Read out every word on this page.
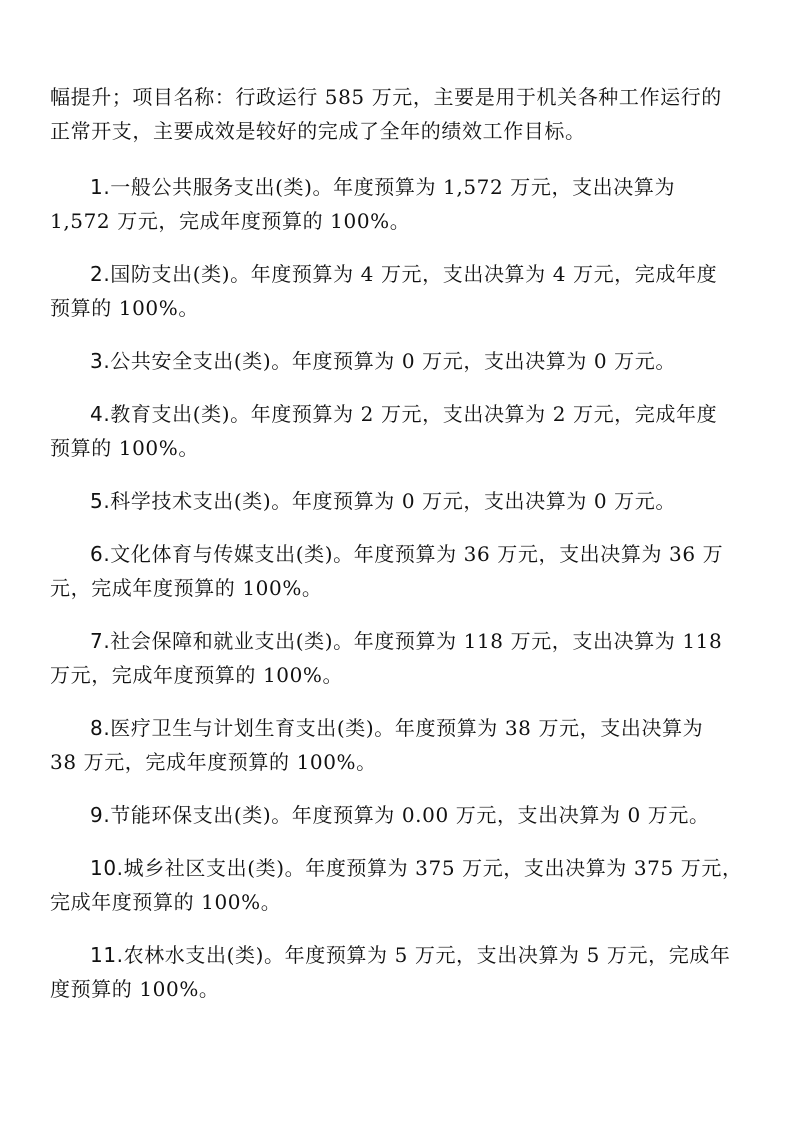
幅提升；项目名称：行政运行 585 万元，主要是用于机关各种工作运行的
正常开支，主要成效是较好的完成了全年的绩效工作目标。

1.一般公共服务支出(类)。年度预算为 1,572 万元，支出决算为
1,572 万元，完成年度预算的 100%。

2.国防支出(类)。年度预算为 4 万元，支出决算为 4 万元，完成年度
预算的 100%。

3.公共安全支出(类)。年度预算为 0 万元，支出决算为 0 万元。

4.教育支出(类)。年度预算为 2 万元，支出决算为 2 万元，完成年度
预算的 100%。

5.科学技术支出(类)。年度预算为 0 万元，支出决算为 0 万元。

6.文化体育与传媒支出(类)。年度预算为 36 万元，支出决算为 36 万
元，完成年度预算的 100%。

7.社会保障和就业支出(类)。年度预算为 118 万元，支出决算为 118
万元，完成年度预算的 100%。

8.医疗卫生与计划生育支出(类)。年度预算为 38 万元，支出决算为
38 万元，完成年度预算的 100%。

9.节能环保支出(类)。年度预算为 0.00 万元，支出决算为 0 万元。

10.城乡社区支出(类)。年度预算为 375 万元，支出决算为 375 万元，
完成年度预算的 100%。

11.农林水支出(类)。年度预算为 5 万元，支出决算为 5 万元，完成年
度预算的 100%。
